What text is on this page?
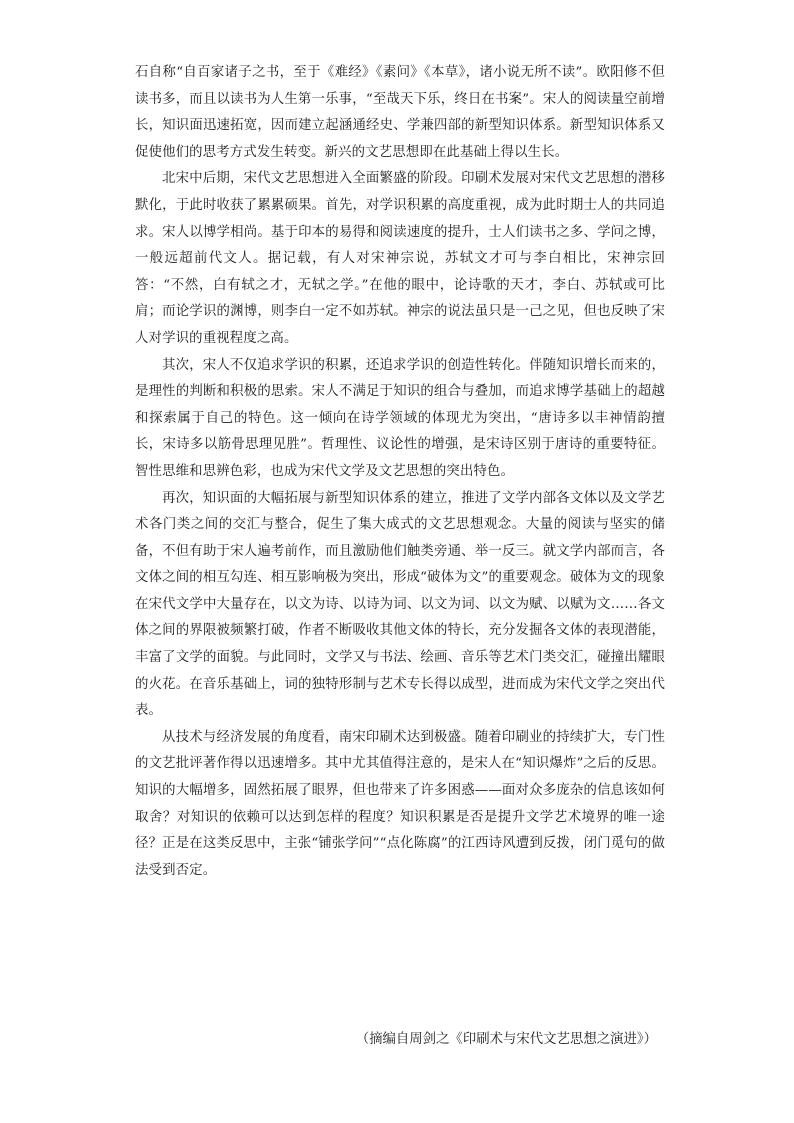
石自称“自百家诸子之书，至于《难经》《素问》《本草》，诸小说无所不读”。欧阳修不但读书多，而且以读书为人生第一乐事，“至哉天下乐，终日在书案”。宋人的阅读量空前增长，知识面迅速拓宽，因而建立起涵通经史、学兼四部的新型知识体系。新型知识体系又促使他们的思考方式发生转变。新兴的文艺思想即在此基础上得以生长。

北宋中后期，宋代文艺思想进入全面繁盛的阶段。印刷术发展对宋代文艺思想的潜移默化，于此时收获了累累硕果。首先，对学识积累的高度重视，成为此时期士人的共同追求。宋人以博学相尚。基于印本的易得和阅读速度的提升，士人们读书之多、学问之博，一般远超前代文人。据记载，有人对宋神宗说，苏轼文才可与李白相比，宋神宗回答：“不然，白有轼之才，无轼之学。”在他的眼中，论诗歌的天才，李白、苏轼或可比肩；而论学识的渊博，则李白一定不如苏轼。神宗的说法虽只是一己之见，但也反映了宋人对学识的重视程度之高。

其次，宋人不仅追求学识的积累，还追求学识的创造性转化。伴随知识增长而来的，是理性的判断和积极的思索。宋人不满足于知识的组合与叠加，而追求博学基础上的超越和探索属于自己的特色。这一倾向在诗学领域的体现尤为突出，“唐诗多以丰神情韵擅长，宋诗多以筋骨思理见胜”。哲理性、议论性的增强，是宋诗区别于唐诗的重要特征。智性思维和思辨色彩，也成为宋代文学及文艺思想的突出特色。

再次，知识面的大幅拓展与新型知识体系的建立，推进了文学内部各文体以及文学艺术各门类之间的交汇与整合，促生了集大成式的文艺思想观念。大量的阅读与坚实的储备，不但有助于宋人遍考前作，而且激励他们触类旁通、举一反三。就文学内部而言，各文体之间的相互勾连、相互影响极为突出，形成“破体为文”的重要观念。破体为文的现象在宋代文学中大量存在，以文为诗、以诗为词、以文为词、以文为赋、以赋为文……各文体之间的界限被频繁打破，作者不断吸收其他文体的特长，充分发掘各文体的表现潜能，丰富了文学的面貌。与此同时，文学又与书法、绘画、音乐等艺术门类交汇，碰撞出耀眼的火花。在音乐基础上，词的独特形制与艺术专长得以成型，进而成为宋代文学之突出代表。

从技术与经济发展的角度看，南宋印刷术达到极盛。随着印刷业的持续扩大，专门性的文艺批评著作得以迅速增多。其中尤其值得注意的，是宋人在“知识爆炸”之后的反思。知识的大幅增多，固然拓展了眼界，但也带来了许多困惑——面对众多庞杂的信息该如何取舍？对知识的依赖可以达到怎样的程度？知识积累是否是提升文学艺术境界的唯一途径？正是在这类反思中，主张“铺张学问”“点化陈腐”的江西诗风遭到反拨，闭门觅句的做法受到否定。

（摘编自周剑之《印刷术与宋代文艺思想之演进》）
